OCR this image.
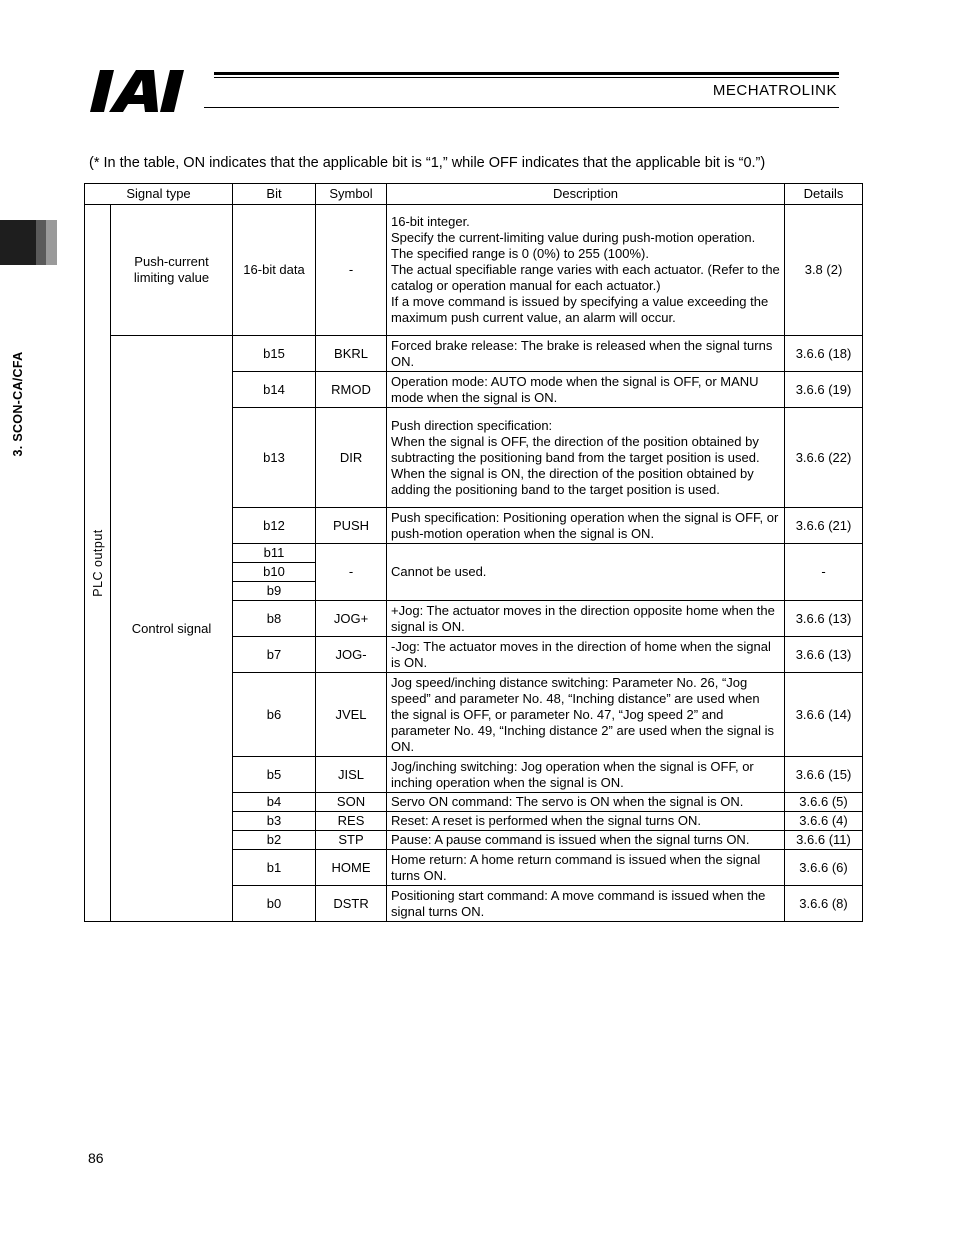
MECHATROLINK
3. SCON-CA/CFA
(* In the table, ON indicates that the applicable bit is “1,” while OFF indicates that the applicable bit is “0.”)
Signal type		Bit	Symbol	Description	Details

PLC output	Push-current limiting value	16-bit data	-	16-bit integer.
Specify the current-limiting value during push-motion operation.
The specified range is 0 (0%) to 255 (100%).
The actual specifiable range varies with each actuator. (Refer to the catalog or operation manual for each actuator.)
If a move command is issued by specifying a value exceeding the maximum push current value, an alarm will occur.	3.8 (2)
	Control signal	b15	BKRL	Forced brake release: The brake is released when the signal turns ON.	3.6.6 (18)
		b14	RMOD	Operation mode: AUTO mode when the signal is OFF, or MANU mode when the signal is ON.	3.6.6 (19)
		b13	DIR	Push direction specification:
When the signal is OFF, the direction of the position obtained by subtracting the positioning band from the target position is used.
When the signal is ON, the direction of the position obtained by adding the positioning band to the target position is used.	3.6.6 (22)
		b12	PUSH	Push specification: Positioning operation when the signal is OFF, or push-motion operation when the signal is ON.	3.6.6 (21)
		b11	-	Cannot be used.	-
		b10			
		b9			
		b8	JOG+	+Jog: The actuator moves in the direction opposite home when the signal is ON.	3.6.6 (13)
		b7	JOG-	-Jog: The actuator moves in the direction of home when the signal is ON.	3.6.6 (13)
		b6	JVEL	Jog speed/inching distance switching: Parameter No. 26, “Jog speed” and parameter No. 48, “Inching distance” are used when the signal is OFF, or parameter No. 47, “Jog speed 2” and parameter No. 49, “Inching distance 2” are used when the signal is ON.	3.6.6 (14)
		b5	JISL	Jog/inching switching: Jog operation when the signal is OFF, or inching operation when the signal is ON.	3.6.6 (15)
		b4	SON	Servo ON command: The servo is ON when the signal is ON.	3.6.6 (5)
		b3	RES	Reset: A reset is performed when the signal turns ON.	3.6.6 (4)
		b2	STP	Pause: A pause command is issued when the signal turns ON.	3.6.6 (11)
		b1	HOME	Home return: A home return command is issued when the signal turns ON.	3.6.6 (6)
		b0	DSTR	Positioning start command: A move command is issued when the signal turns ON.	3.6.6 (8)
86
